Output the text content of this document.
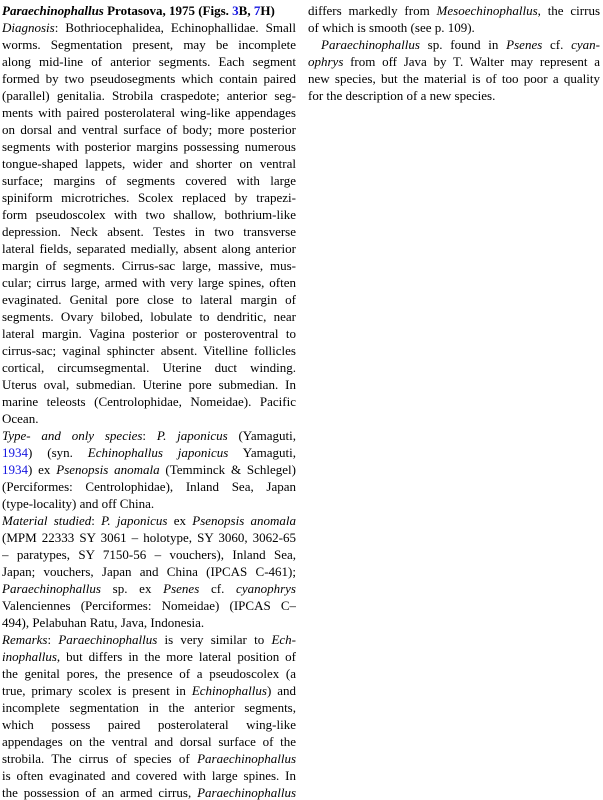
Paraechinophallus Protasova, 1975 (Figs. 3B, 7H)
Diagnosis: Bothriocephalidea, Echinophallidae. Small
worms. Segmentation present, may be incomplete
along mid-line of anterior segments. Each segment
formed by two pseudosegments which contain paired
(parallel) genitalia. Strobila craspedote; anterior seg-
ments with paired posterolateral wing-like appendages
on dorsal and ventral surface of body; more posterior
segments with posterior margins possessing numerous
tongue-shaped lappets, wider and shorter on ventral
surface; margins of segments covered with large
spiniform microtriches. Scolex replaced by trapezi-
form pseudoscolex with two shallow, bothrium-like
depression. Neck absent. Testes in two transverse
lateral fields, separated medially, absent along anterior
margin of segments. Cirrus-sac large, massive, mus-
cular; cirrus large, armed with very large spines, often
evaginated. Genital pore close to lateral margin of
segments. Ovary bilobed, lobulate to dendritic, near
lateral margin. Vagina posterior or posteroventral to
cirrus-sac; vaginal sphincter absent. Vitelline follicles
cortical, circumsegmental. Uterine duct winding.
Uterus oval, submedian. Uterine pore submedian. In
marine teleosts (Centrolophidae, Nomeidae). Pacific
Ocean.
Type- and only species: P. japonicus (Yamaguti,
1934) (syn. Echinophallus japonicus Yamaguti,
1934) ex Psenopsis anomala (Temminck & Schlegel)
(Perciformes: Centrolophidae), Inland Sea, Japan
(type-locality) and off China.
Material studied: P. japonicus ex Psenopsis anomala
(MPM 22333 SY 3061 – holotype, SY 3060, 3062-65
– paratypes, SY 7150-56 – vouchers), Inland Sea,
Japan; vouchers, Japan and China (IPCAS C-461);
Paraechinophallus sp. ex Psenes cf. cyanophrys
Valenciennes (Perciformes: Nomeidae) (IPCAS C–
494), Pelabuhan Ratu, Java, Indonesia.
Remarks: Paraechinophallus is very similar to Ech-
inophallus, but differs in the more lateral position of
the genital pores, the presence of a pseudoscolex (a
true, primary scolex is present in Echinophallus) and
incomplete segmentation in the anterior segments,
which possess paired posterolateral wing-like
appendages on the ventral and dorsal surface of the
strobila. The cirrus of species of Paraechinophallus
is often evaginated and covered with large spines. In
the possession of an armed cirrus, Paraechinophallus
differs markedly from Mesoechinophallus, the cirrus
of which is smooth (see p. 109).
Paraechinophallus sp. found in Psenes cf. cyan-
ophrys from off Java by T. Walter may represent a
new species, but the material is of too poor a quality
for the description of a new species.
